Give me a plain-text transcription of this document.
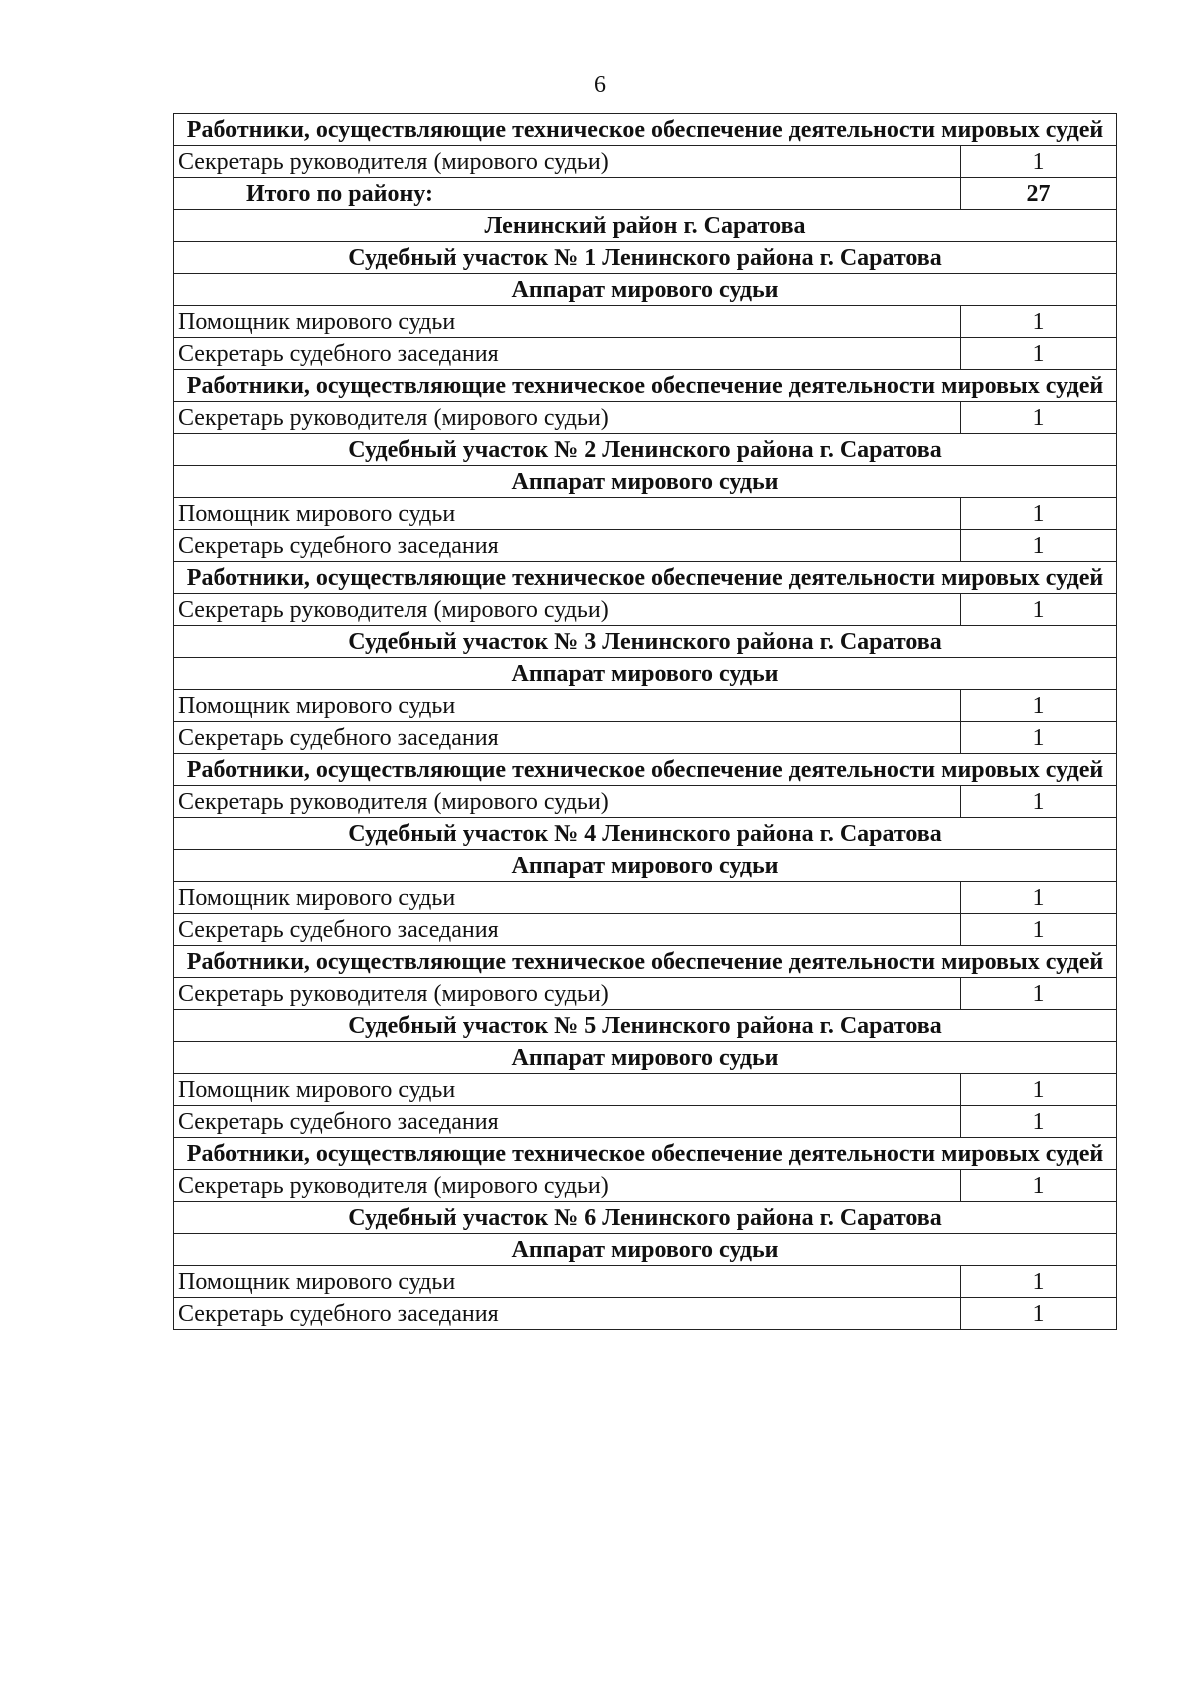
6
Работники, осуществляющие техническое обеспечение деятельности мировых судей	
Секретарь руководителя (мирового судьи)	1
Итого по району:	27
Ленинский район г. Саратова	
Судебный участок № 1 Ленинского района г. Саратова	
Аппарат мирового судьи	
Помощник мирового судьи	1
Секретарь судебного заседания	1
Работники, осуществляющие техническое обеспечение деятельности мировых судей	
Секретарь руководителя (мирового судьи)	1
Судебный участок № 2 Ленинского района г. Саратова	
Аппарат мирового судьи	
Помощник мирового судьи	1
Секретарь судебного заседания	1
Работники, осуществляющие техническое обеспечение деятельности мировых судей	
Секретарь руководителя (мирового судьи)	1
Судебный участок № 3 Ленинского района г. Саратова	
Аппарат мирового судьи	
Помощник мирового судьи	1
Секретарь судебного заседания	1
Работники, осуществляющие техническое обеспечение деятельности мировых судей	
Секретарь руководителя (мирового судьи)	1
Судебный участок № 4 Ленинского района г. Саратова	
Аппарат мирового судьи	
Помощник мирового судьи	1
Секретарь судебного заседания	1
Работники, осуществляющие техническое обеспечение деятельности мировых судей	
Секретарь руководителя (мирового судьи)	1
Судебный участок № 5 Ленинского района г. Саратова	
Аппарат мирового судьи	
Помощник мирового судьи	1
Секретарь судебного заседания	1
Работники, осуществляющие техническое обеспечение деятельности мировых судей	
Секретарь руководителя (мирового судьи)	1
Судебный участок № 6 Ленинского района г. Саратова	
Аппарат мирового судьи	
Помощник мирового судьи	1
Секретарь судебного заседания	1
